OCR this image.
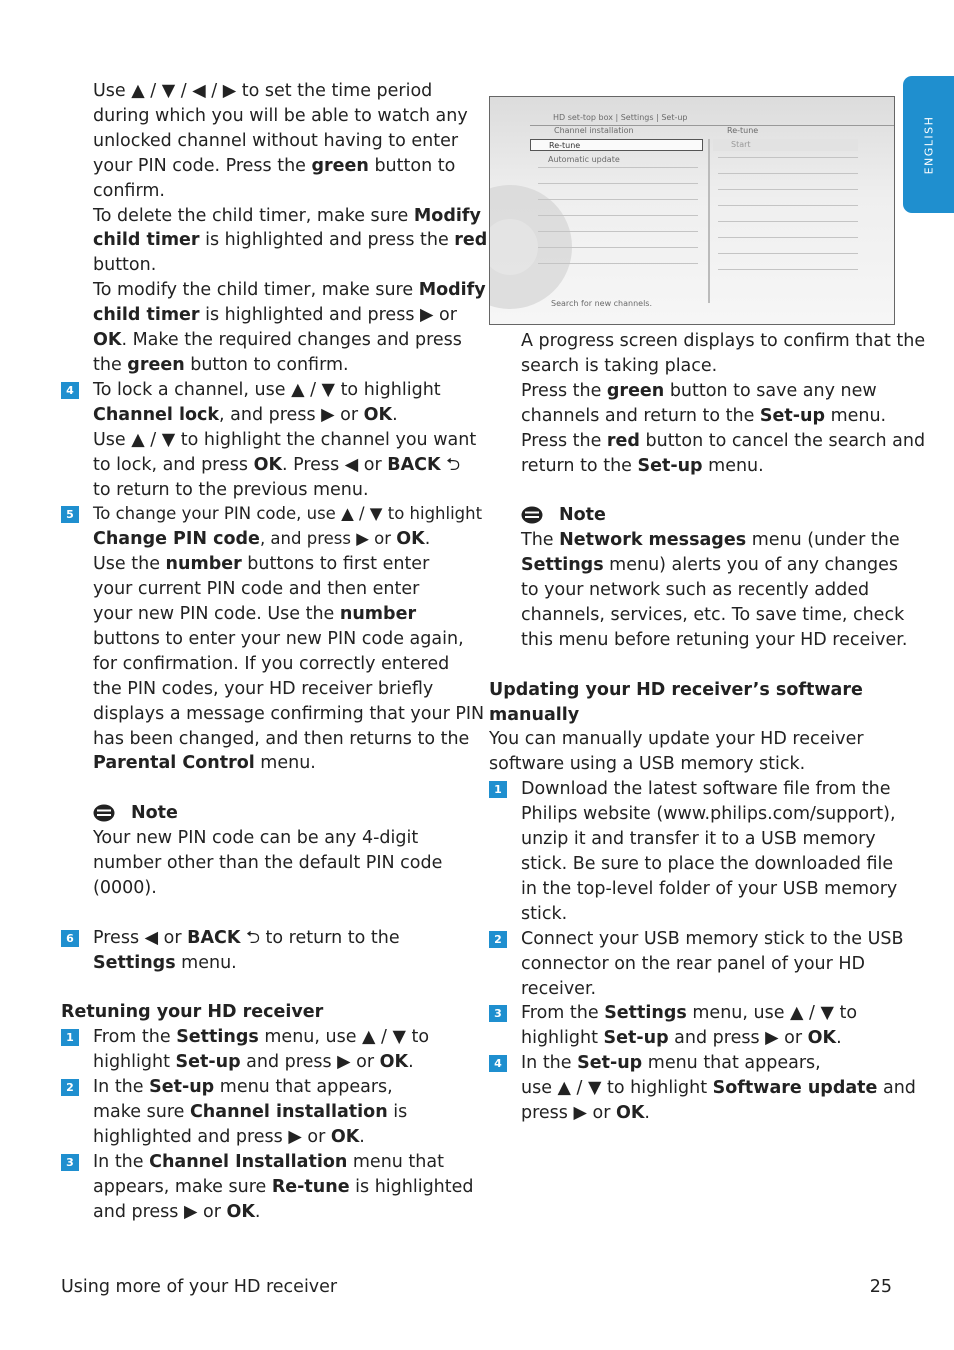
ENGLISH
Use ▲ / ▼ / ◀ / ▶ to set the time period
during which you will be able to watch any
unlocked channel without having to enter
your PIN code. Press the green button to
confirm.
To delete the child timer, make sure Modify
child timer is highlighted and press the red
button.
To modify the child timer, make sure Modify
child timer is highlighted and press ▶ or
OK. Make the required changes and press
the green button to confirm.
4 To lock a channel, use ▲ / ▼ to highlight
Channel lock, and press ▶ or OK.
Use ▲ / ▼ to highlight the channel you want
to lock, and press OK. Press ◀ or BACK ⮌
to return to the previous menu.
5	To change your PIN code, use ▲ / ▼ to highlight
Change PIN code, and press ▶ or OK.
Use the number buttons to first enter
your current PIN code and then enter
your new PIN code. Use the number
buttons to enter your new PIN code again,
for confirmation. If you correctly entered
the PIN codes, your HD receiver briefly
displays a message confirming that your PIN
has been changed, and then returns to the
Parental Control menu.
Note
Your new PIN code can be any 4-digit
number other than the default PIN code
(0000).
6 Press ◀ or BACK ⮌ to return to the
Settings menu.
Retuning your HD receiver
1 From the Settings menu, use ▲ / ▼ to
highlight Set-up and press ▶ or OK.
2 In the Set-up menu that appears,
make sure Channel installation is
highlighted and press ▶ or OK.
3 In the Channel Installation menu that
appears, make sure Re-tune is highlighted
and press ▶ or OK.
HD set-top box | Settings | Set-up
Channel installation	Re-tune
Re-tune	Start
Automatic update
Search for new channels.
A progress screen displays to confirm that the
search is taking place.
Press the green button to save any new
channels and return to the Set-up menu.
Press the red button to cancel the search and
return to the Set-up menu.
Note
The Network messages menu (under the
Settings menu) alerts you of any changes
to your network such as recently added
channels, services, etc. To save time, check
this menu before retuning your HD receiver.
Updating your HD receiver’s software
manually
You can manually update your HD receiver
software using a USB memory stick.
1 Download the latest software file from the
Philips website (www.philips.com/support),
unzip it and transfer it to a USB memory
stick. Be sure to place the downloaded file
in the top-level folder of your USB memory
stick.
2 Connect your USB memory stick to the USB
connector on the rear panel of your HD
receiver.
3 From the Settings menu, use ▲ / ▼ to
highlight Set-up and press ▶ or OK.
4 In the Set-up menu that appears,
use ▲ / ▼ to highlight Software update and
press ▶ or OK.
Using more of your HD receiver	25
